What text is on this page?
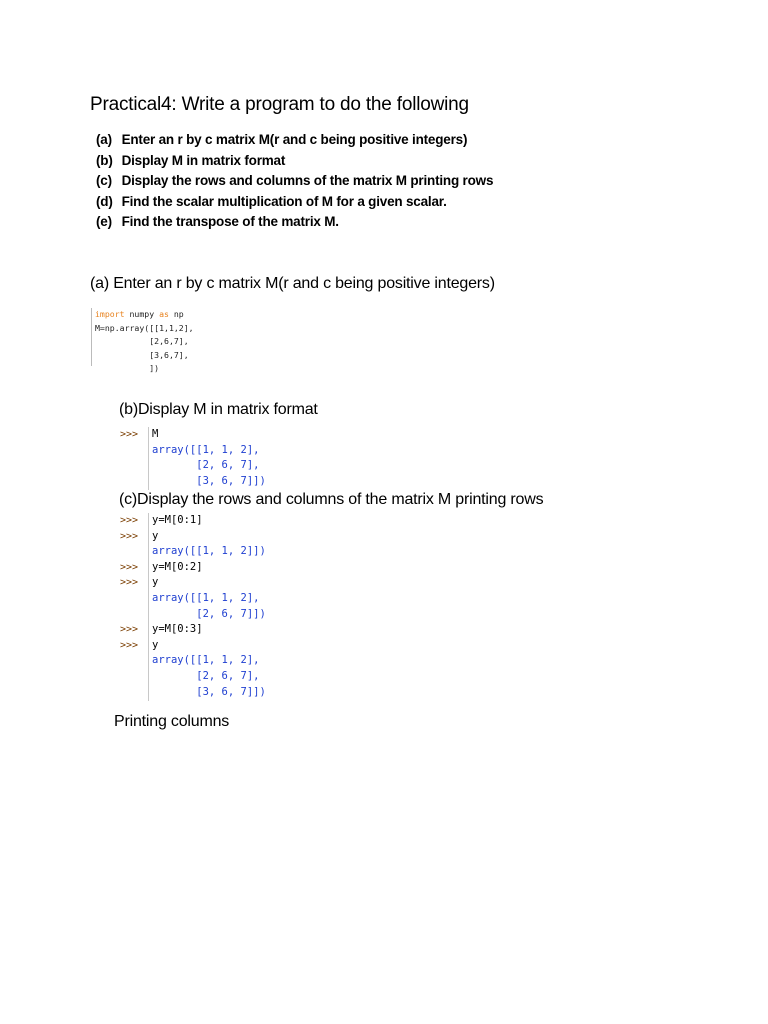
Practical4: Write a program to do the following
(a) Enter an r by c matrix M(r and c being positive integers)
(b) Display M in matrix format
(c) Display the rows and columns of the matrix M printing rows
(d) Find the scalar multiplication of M for a given scalar.
(e) Find the transpose of the matrix M.
(a) Enter an r by c matrix M(r and c being positive integers)
import numpy as np
M=np.array([[1,1,2],
[2,6,7],
[3,6,7],
])
(b)Display M in matrix format
>>>	M
array([[1, 1, 2],
[2, 6, 7],
[3, 6, 7]])
(c)Display the rows and columns of the matrix M printing rows
>>>	y=M[0:1]
>>>	y
array([[1, 1, 2]])
>>>	y=M[0:2]
>>>	y
array([[1, 1, 2],
[2, 6, 7]])
>>>	y=M[0:3]
>>>	y
array([[1, 1, 2],
[2, 6, 7],
[3, 6, 7]])
Printing columns
